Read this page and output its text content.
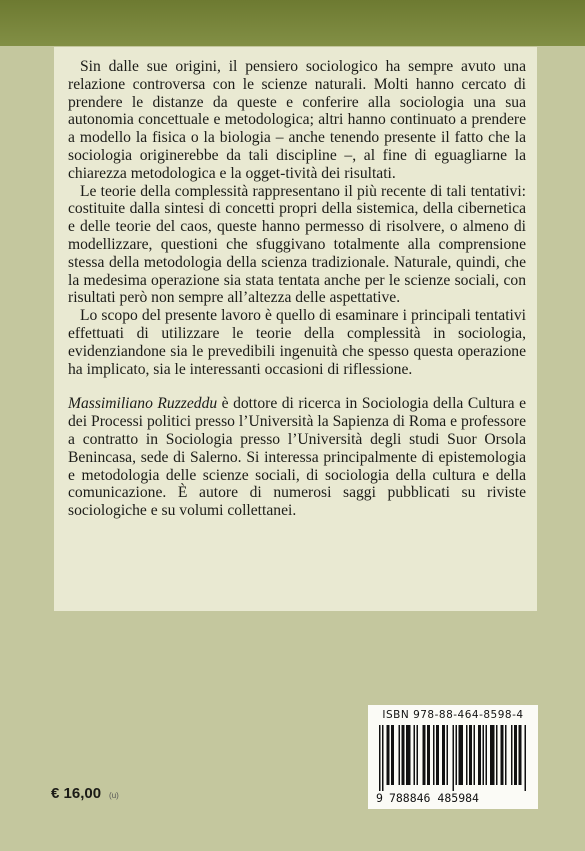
Sin dalle sue origini, il pensiero sociologico ha sempre avuto una relazione controversa con le scienze naturali. Molti hanno cercato di prendere le distanze da queste e conferire alla sociologia una sua autonomia concettuale e metodologica; altri hanno continuato a prendere a modello la fisica o la biologia – anche tenendo presente il fatto che la sociologia originerebbe da tali discipline –, al fine di eguagliarne la chiarezza metodologica e la ogget-tività dei risultati.

Le teorie della complessità rappresentano il più recente di tali tentativi: costituite dalla sintesi di concetti propri della sistemica, della cibernetica e delle teorie del caos, queste hanno permesso di risolvere, o almeno di modellizzare, questioni che sfuggivano totalmente alla comprensione stessa della metodologia della scienza tradizionale. Naturale, quindi, che la medesima operazione sia stata tentata anche per le scienze sociali, con risultati però non sempre all’altezza delle aspettative.

Lo scopo del presente lavoro è quello di esaminare i principali tentativi effettuati di utilizzare le teorie della complessità in sociologia, evidenziandone sia le prevedibili ingenuità che spesso questa operazione ha implicato, sia le interessanti occasioni di riflessione.

Massimiliano Ruzzeddu è dottore di ricerca in Sociologia della Cultura e dei Processi politici presso l’Università la Sapienza di Roma e professore a contratto in Sociologia presso l’Università degli studi Suor Orsola Benincasa, sede di Salerno. Si interessa principalmente di epistemologia e metodologia delle scienze sociali, di sociologia della cultura e della comunicazione. È autore di numerosi saggi pubblicati su riviste sociologiche e su volumi collettanei.

ISBN 978-88-464-8598-4
9 788846 485984
€ 16,00 (u)
